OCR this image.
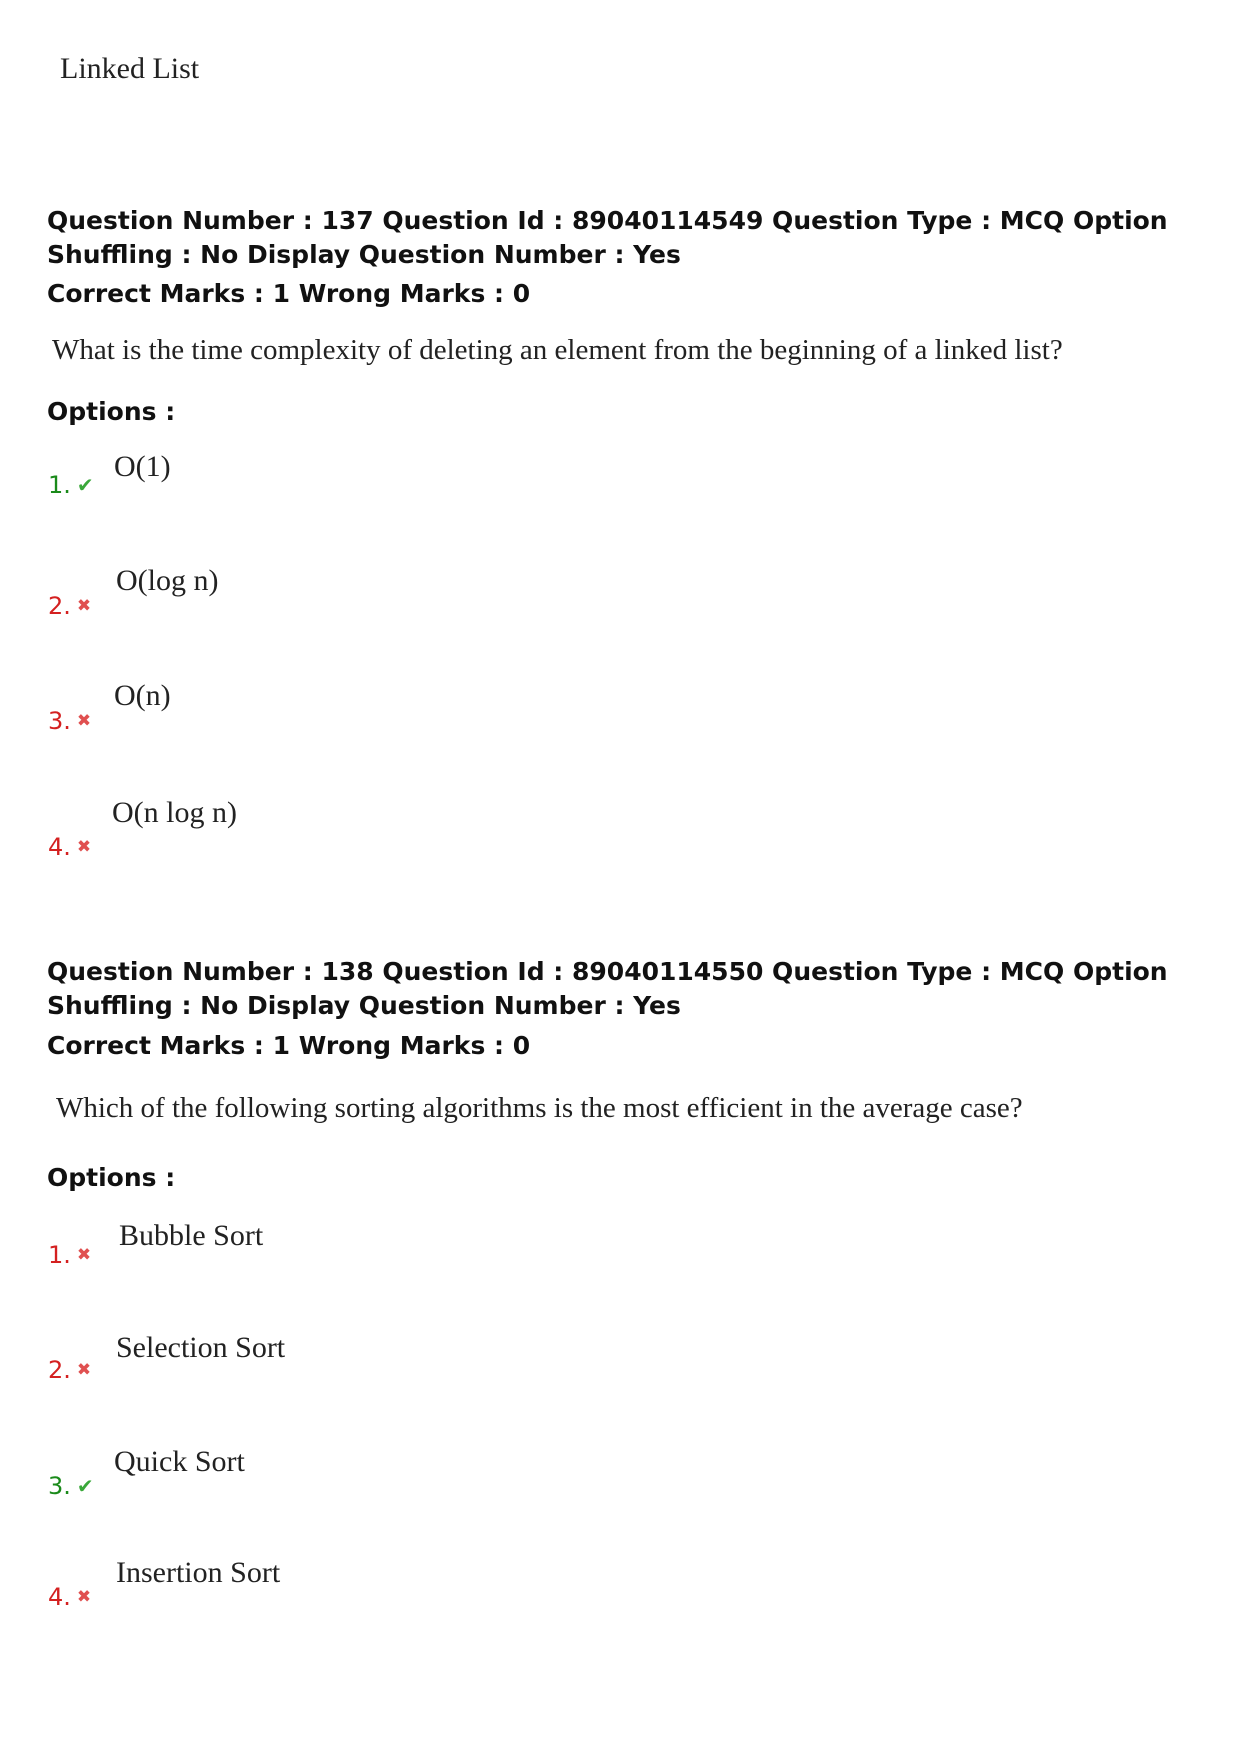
Linked List
Question Number : 137 Question Id : 89040114549 Question Type : MCQ Option Shuffling : No Display Question Number : Yes
Correct Marks : 1 Wrong Marks : 0
What is the time complexity of deleting an element from the beginning of a linked list?
Options :
1. ✔
O(1)
2. ✖
O(log n)
3. ✖
O(n)
4. ✖
O(n log n)
Question Number : 138 Question Id : 89040114550 Question Type : MCQ Option Shuffling : No Display Question Number : Yes
Correct Marks : 1 Wrong Marks : 0
Which of the following sorting algorithms is the most efficient in the average case?
Options :
1. ✖
Bubble Sort
2. ✖
Selection Sort
3. ✔
Quick Sort
4. ✖
Insertion Sort
